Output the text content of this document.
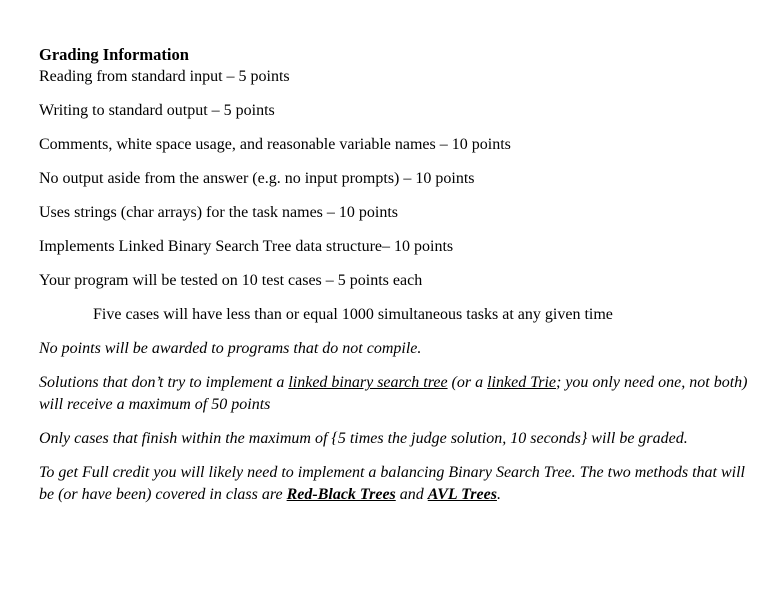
Grading Information

Reading from standard input – 5 points

Writing to standard output – 5 points

Comments, white space usage, and reasonable variable names – 10 points

No output aside from the answer (e.g. no input prompts) – 10 points

Uses strings (char arrays) for the task names – 10 points

Implements Linked Binary Search Tree data structure– 10 points

Your program will be tested on 10 test cases – 5 points each

Five cases will have less than or equal 1000 simultaneous tasks at any given time

No points will be awarded to programs that do not compile.

Solutions that don’t try to implement a linked binary search tree (or a linked Trie; you only need one, not both) will receive a maximum of 50 points

Only cases that finish within the maximum of {5 times the judge solution, 10 seconds} will be graded.

To get Full credit you will likely need to implement a balancing Binary Search Tree. The two methods that will be (or have been) covered in class are Red-Black Trees and AVL Trees.
